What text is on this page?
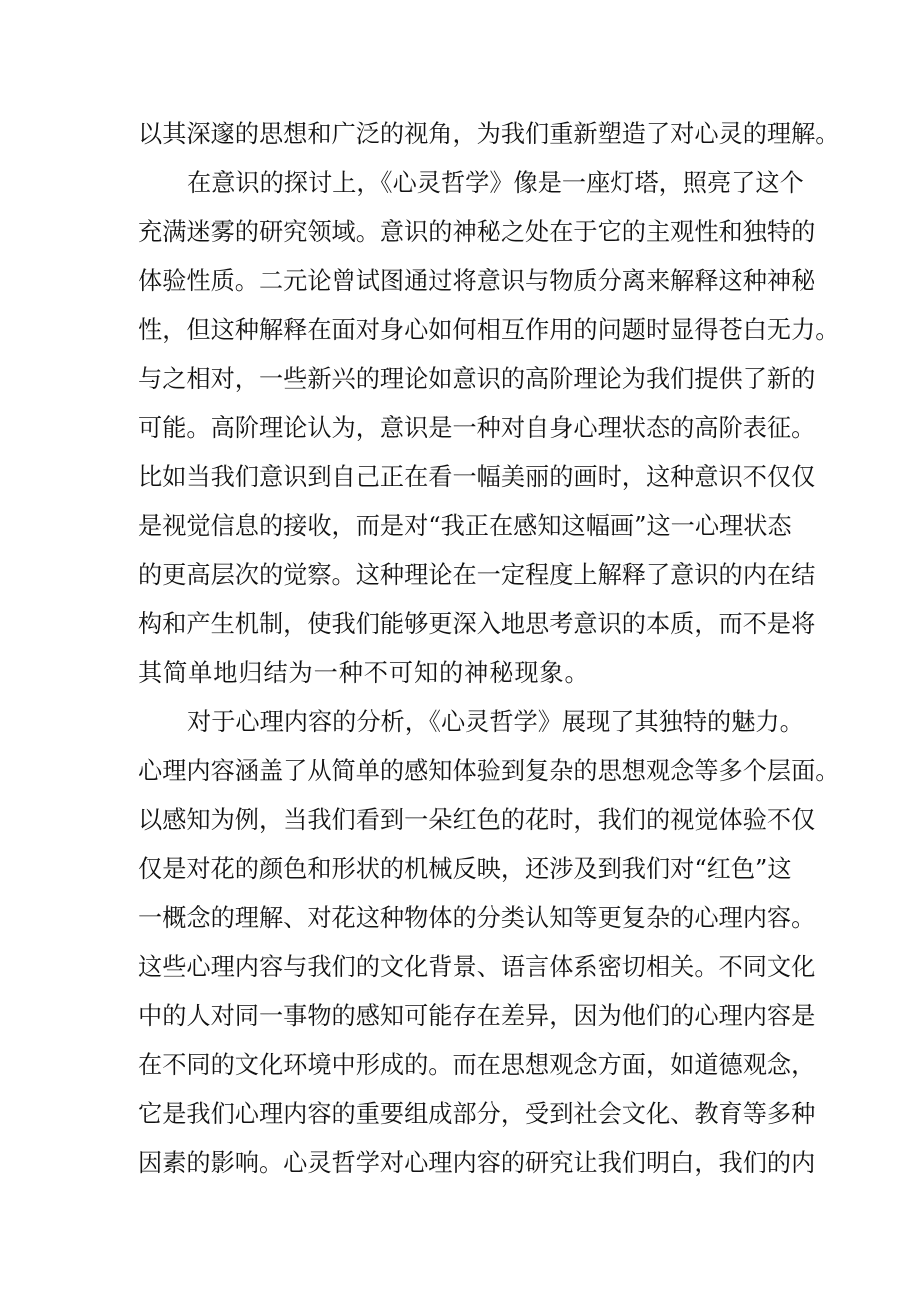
以其深邃的思想和广泛的视角，为我们重新塑造了对心灵的理解。
在意识的探讨上，《心灵哲学》像是一座灯塔，照亮了这个
充满迷雾的研究领域。意识的神秘之处在于它的主观性和独特的
体验性质。二元论曾试图通过将意识与物质分离来解释这种神秘
性，但这种解释在面对身心如何相互作用的问题时显得苍白无力。
与之相对，一些新兴的理论如意识的高阶理论为我们提供了新的
可能。高阶理论认为，意识是一种对自身心理状态的高阶表征。
比如当我们意识到自己正在看一幅美丽的画时，这种意识不仅仅
是视觉信息的接收，而是对“我正在感知这幅画”这一心理状态
的更高层次的觉察。这种理论在一定程度上解释了意识的内在结
构和产生机制，使我们能够更深入地思考意识的本质，而不是将
其简单地归结为一种不可知的神秘现象。
对于心理内容的分析，《心灵哲学》展现了其独特的魅力。
心理内容涵盖了从简单的感知体验到复杂的思想观念等多个层面。
以感知为例，当我们看到一朵红色的花时，我们的视觉体验不仅
仅是对花的颜色和形状的机械反映，还涉及到我们对“红色”这
一概念的理解、对花这种物体的分类认知等更复杂的心理内容。
这些心理内容与我们的文化背景、语言体系密切相关。不同文化
中的人对同一事物的感知可能存在差异，因为他们的心理内容是
在不同的文化环境中形成的。而在思想观念方面，如道德观念，
它是我们心理内容的重要组成部分，受到社会文化、教育等多种
因素的影响。心灵哲学对心理内容的研究让我们明白，我们的内
